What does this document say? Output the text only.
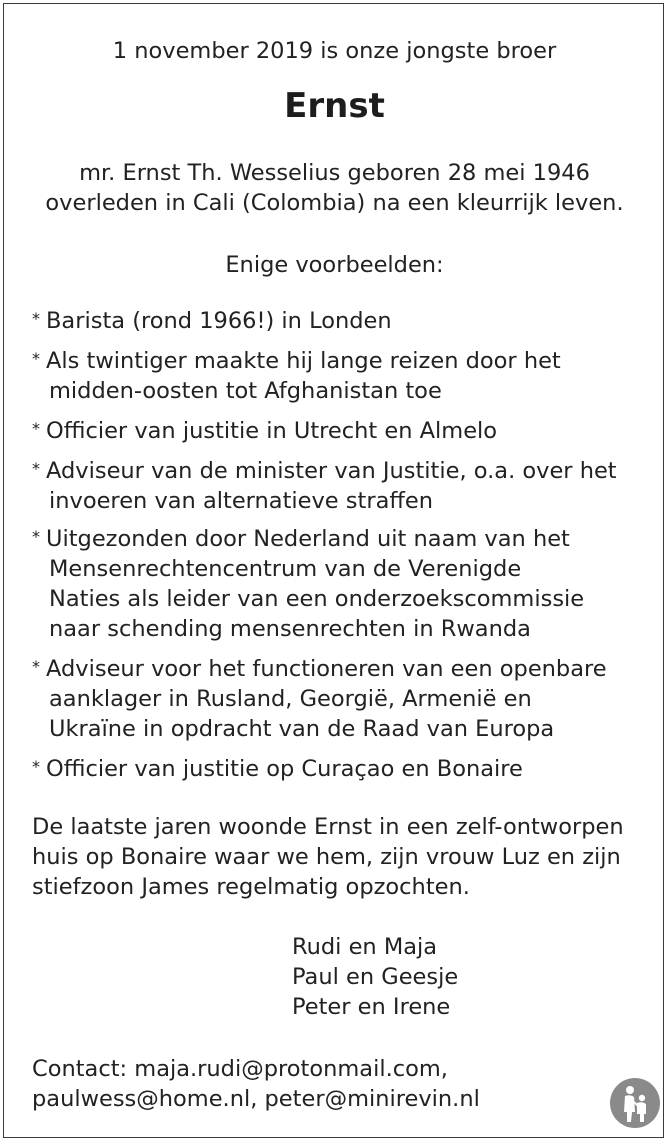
1 november 2019 is onze jongste broer
Ernst
mr. Ernst Th. Wesselius geboren 28 mei 1946
overleden in Cali (Colombia) na een kleurrijk leven.
Enige voorbeelden:
* Barista (rond 1966!) in Londen
* Als twintiger maakte hij lange reizen door het
midden-oosten tot Afghanistan toe
* Officier van justitie in Utrecht en Almelo
* Adviseur van de minister van Justitie, o.a. over het
invoeren van alternatieve straffen
* Uitgezonden door Nederland uit naam van het
Mensenrechtencentrum van de Verenigde
Naties als leider van een onderzoekscommissie
naar schending mensenrechten in Rwanda
* Adviseur voor het functioneren van een openbare
aanklager in Rusland, Georgië, Armenië en
Ukraïne in opdracht van de Raad van Europa
* Officier van justitie op Curaçao en Bonaire
De laatste jaren woonde Ernst in een zelf-ontworpen
huis op Bonaire waar we hem, zijn vrouw Luz en zijn
stiefzoon James regelmatig opzochten.
Rudi en Maja
Paul en Geesje
Peter en Irene
Contact: maja.rudi@protonmail.com,
paulwess@home.nl, peter@minirevin.nl
